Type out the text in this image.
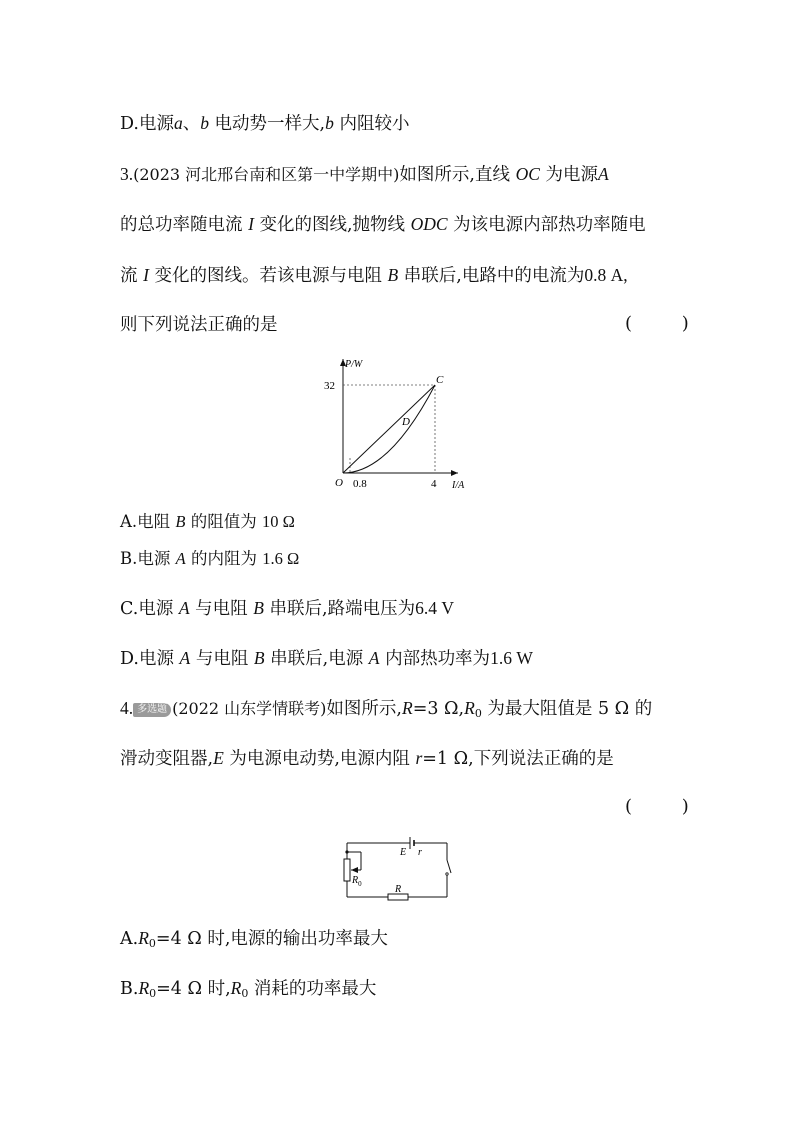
D.电源a、b 电动势一样大,b 内阻较小
3.(2023 河北邢台南和区第一中学期中)如图所示,直线 OC 为电源A
的总功率随电流 I 变化的图线,抛物线 ODC 为该电源内部热功率随电
流 I 变化的图线。若该电源与电阻 B 串联后,电路中的电流为0.8 A,
则下列说法正确的是	( )
P/W
32	C
D
O 0.8	4 I/A
A.电阻 B 的阻值为 10 Ω
B.电源 A 的内阻为 1.6 Ω
C.电源 A 与电阻 B 串联后,路端电压为6.4 V
D.电源 A 与电阻 B 串联后,电源 A 内部热功率为1.6 W
4. 多选题 (2022 山东学情联考)如图所示,R=3 $\Omega,R_0$ 为最大阻值是 5 Ω 的
滑动变阻器,E 为电源电动势,电源内阻 r=1 Ω,下列说法正确的是
( )
E r
$R_0$	R
$A.R_0=4$ Ω 时,电源的输出功率最大
$B.R_0=4$ Ω 时$,R_0$ 消耗的功率最大
